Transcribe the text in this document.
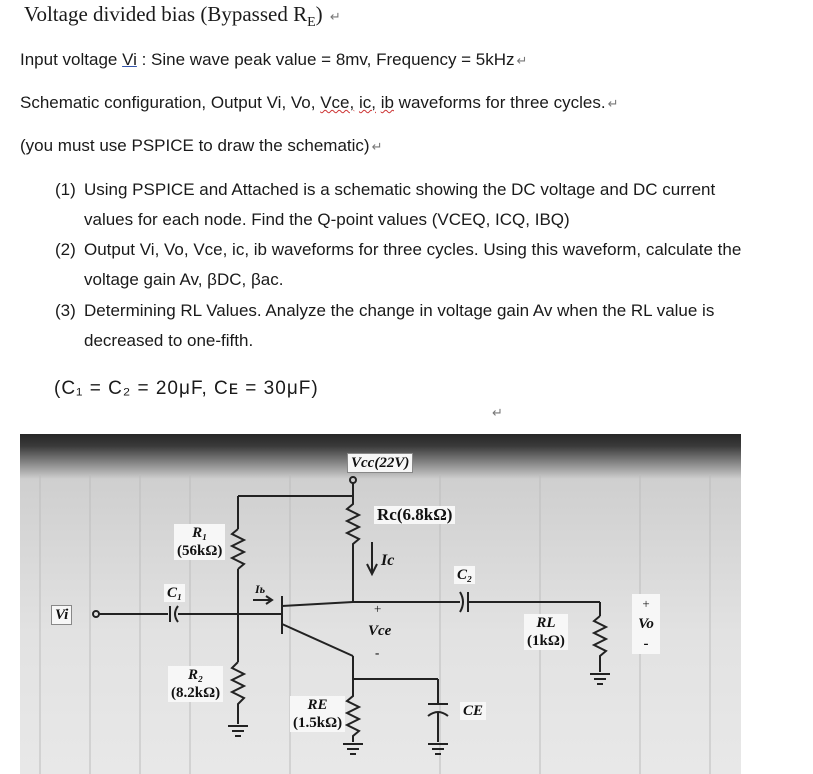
Voltage divided bias (Bypassed $R_E$) ↵
Input voltage Vi : Sine wave peak value = 8mv, Frequency = 5kHz ↵
Schematic configuration, Output Vi, Vo, Vce, ic, ib waveforms for three cycles. ↵
(you must use PSPICE to draw the schematic) ↵
(1) Using PSPICE and Attached is a schematic showing the DC voltage and DC current values for each node. Find the Q-point values (VCEQ, ICQ, IBQ)
(2) Output Vi, Vo, Vce, ic, ib waveforms for three cycles. Using this waveform, calculate the voltage gain Av, βDC, βac.
(3) Determining RL Values. Analyze the change in voltage gain Av when the RL value is decreased to one-fifth.
(C₁ = C₂ = 20μF, Cᴇ = 30μF)
↵
Vcc(22V)
Rc(6.8kΩ)
Ic
R₁
(56kΩ)
C₁	Iь
C₂
Vi	+
Vce
-
RL
(1kΩ)
+
Vo
-
R₂
(8.2kΩ)
RE
(1.5kΩ)
CE
